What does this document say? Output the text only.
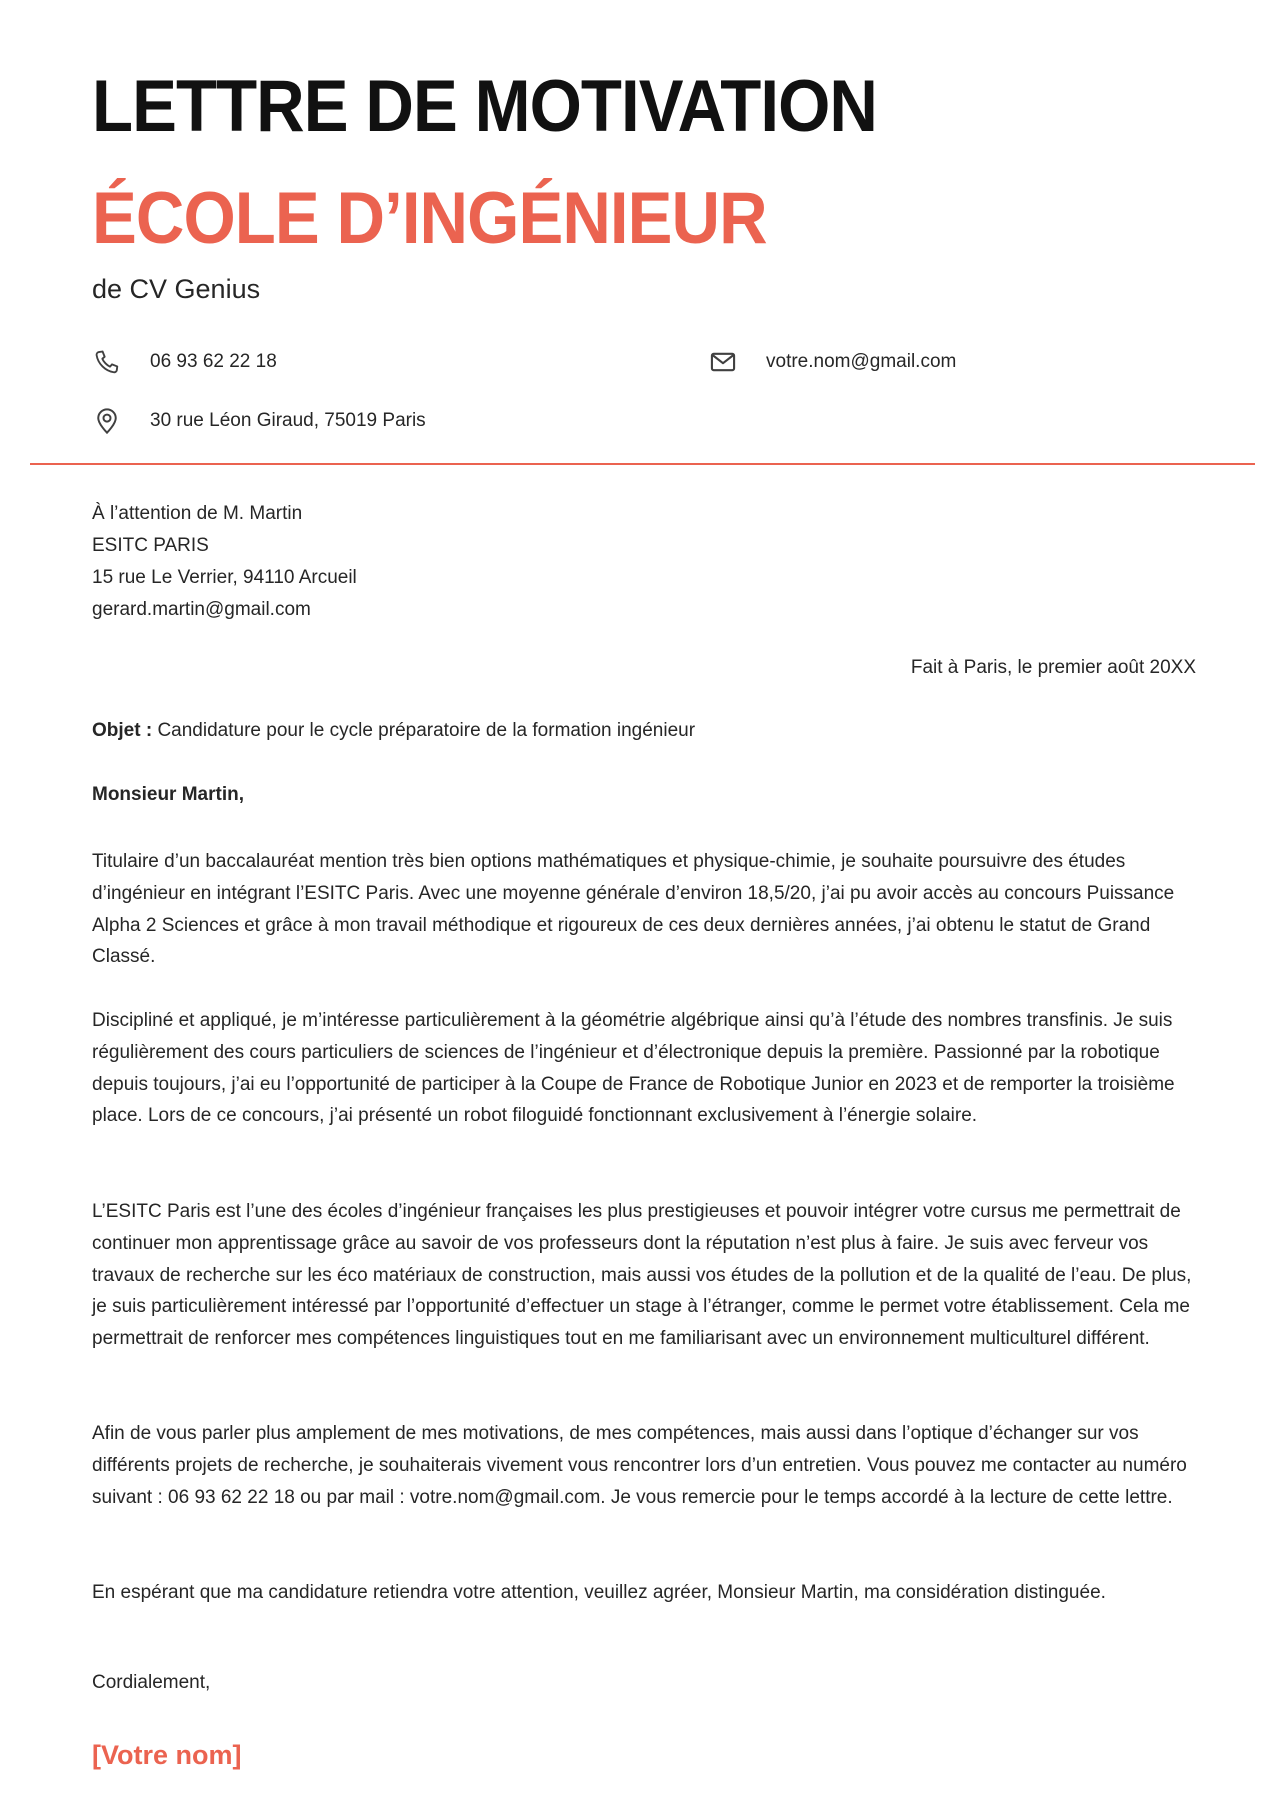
LETTRE DE MOTIVATION
ÉCOLE D’INGÉNIEUR
de CV Genius
06 93 62 22 18	votre.nom@gmail.com
30 rue Léon Giraud, 75019 Paris
À l’attention de M. Martin
ESITC PARIS
15 rue Le Verrier, 94110 Arcueil
gerard.martin@gmail.com
Fait à Paris, le premier août 20XX
Objet : Candidature pour le cycle préparatoire de la formation ingénieur
Monsieur Martin,

Titulaire d’un baccalauréat mention très bien options mathématiques et physique-chimie, je souhaite poursuivre des études d’ingénieur en intégrant l’ESITC Paris. Avec une moyenne générale d’environ 18,5/20, j’ai pu avoir accès au concours Puissance Alpha 2 Sciences et grâce à mon travail méthodique et rigoureux de ces deux dernières années, j’ai obtenu le statut de Grand Classé.

Discipliné et appliqué, je m’intéresse particulièrement à la géométrie algébrique ainsi qu’à l’étude des nombres transfinis. Je suis régulièrement des cours particuliers de sciences de l’ingénieur et d’électronique depuis la première. Passionné par la robotique depuis toujours, j’ai eu l’opportunité de participer à la Coupe de France de Robotique Junior en 2023 et de remporter la troisième place. Lors de ce concours, j’ai présenté un robot filoguidé fonctionnant exclusivement à l’énergie solaire.

L’ESITC Paris est l’une des écoles d’ingénieur françaises les plus prestigieuses et pouvoir intégrer votre cursus me permettrait de continuer mon apprentissage grâce au savoir de vos professeurs dont la réputation n’est plus à faire. Je suis avec ferveur vos travaux de recherche sur les éco matériaux de construction, mais aussi vos études de la pollution et de la qualité de l’eau. De plus, je suis particulièrement intéressé par l’opportunité d’effectuer un stage à l’étranger, comme le permet votre établissement. Cela me permettrait de renforcer mes compétences linguistiques tout en me familiarisant avec un environnement multiculturel différent.

Afin de vous parler plus amplement de mes motivations, de mes compétences, mais aussi dans l’optique d’échanger sur vos différents projets de recherche, je souhaiterais vivement vous rencontrer lors d’un entretien. Vous pouvez me contacter au numéro suivant : 06 93 62 22 18 ou par mail : votre.nom@gmail.com. Je vous remercie pour le temps accordé à la lecture de cette lettre.

En espérant que ma candidature retiendra votre attention, veuillez agréer, Monsieur Martin, ma considération distinguée.

Cordialement,
[Votre nom]
